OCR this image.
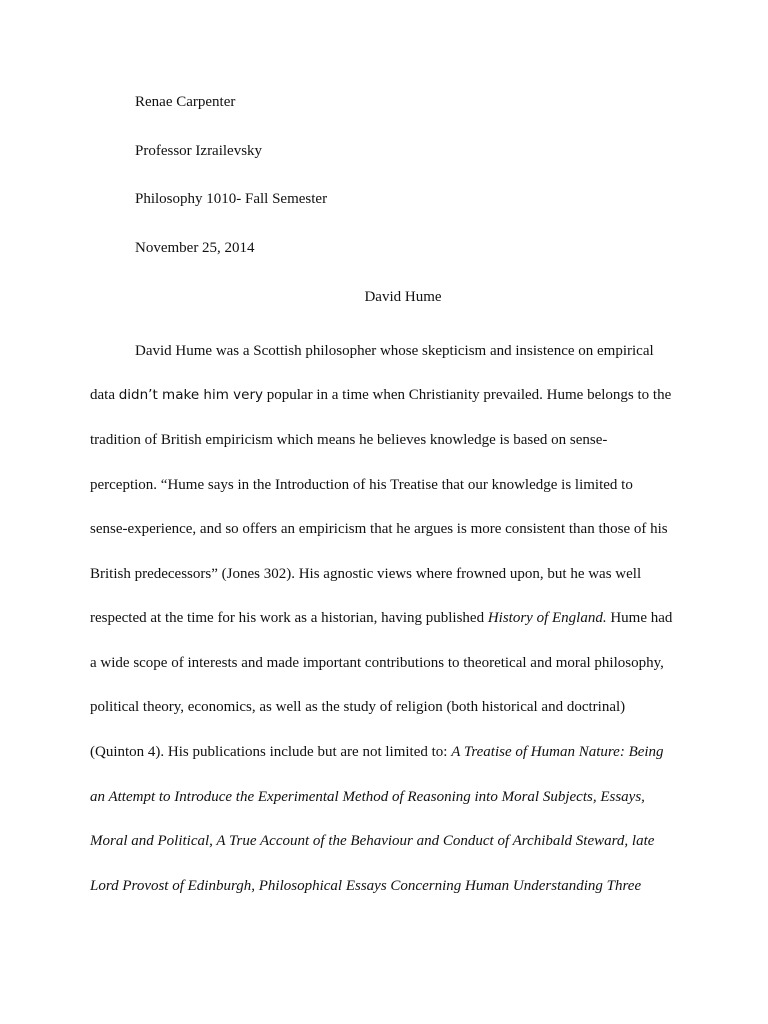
Renae Carpenter
Professor Izrailevsky
Philosophy 1010- Fall Semester
November 25, 2014
David Hume
David Hume was a Scottish philosopher whose skepticism and insistence on empirical
data didn’t make him very popular in a time when Christianity prevailed. Hume belongs to the
tradition of British empiricism which means he believes knowledge is based on sense-
perception. “Hume says in the Introduction of his Treatise that our knowledge is limited to
sense-experience, and so offers an empiricism that he argues is more consistent than those of his
British predecessors” (Jones 302). His agnostic views where frowned upon, but he was well
respected at the time for his work as a historian, having published History of England. Hume had
a wide scope of interests and made important contributions to theoretical and moral philosophy,
political theory, economics, as well as the study of religion (both historical and doctrinal)
(Quinton 4). His publications include but are not limited to: A Treatise of Human Nature: Being
an Attempt to Introduce the Experimental Method of Reasoning into Moral Subjects, Essays,
Moral and Political, A True Account of the Behaviour and Conduct of Archibald Steward, late
Lord Provost of Edinburgh, Philosophical Essays Concerning Human Understanding Three
